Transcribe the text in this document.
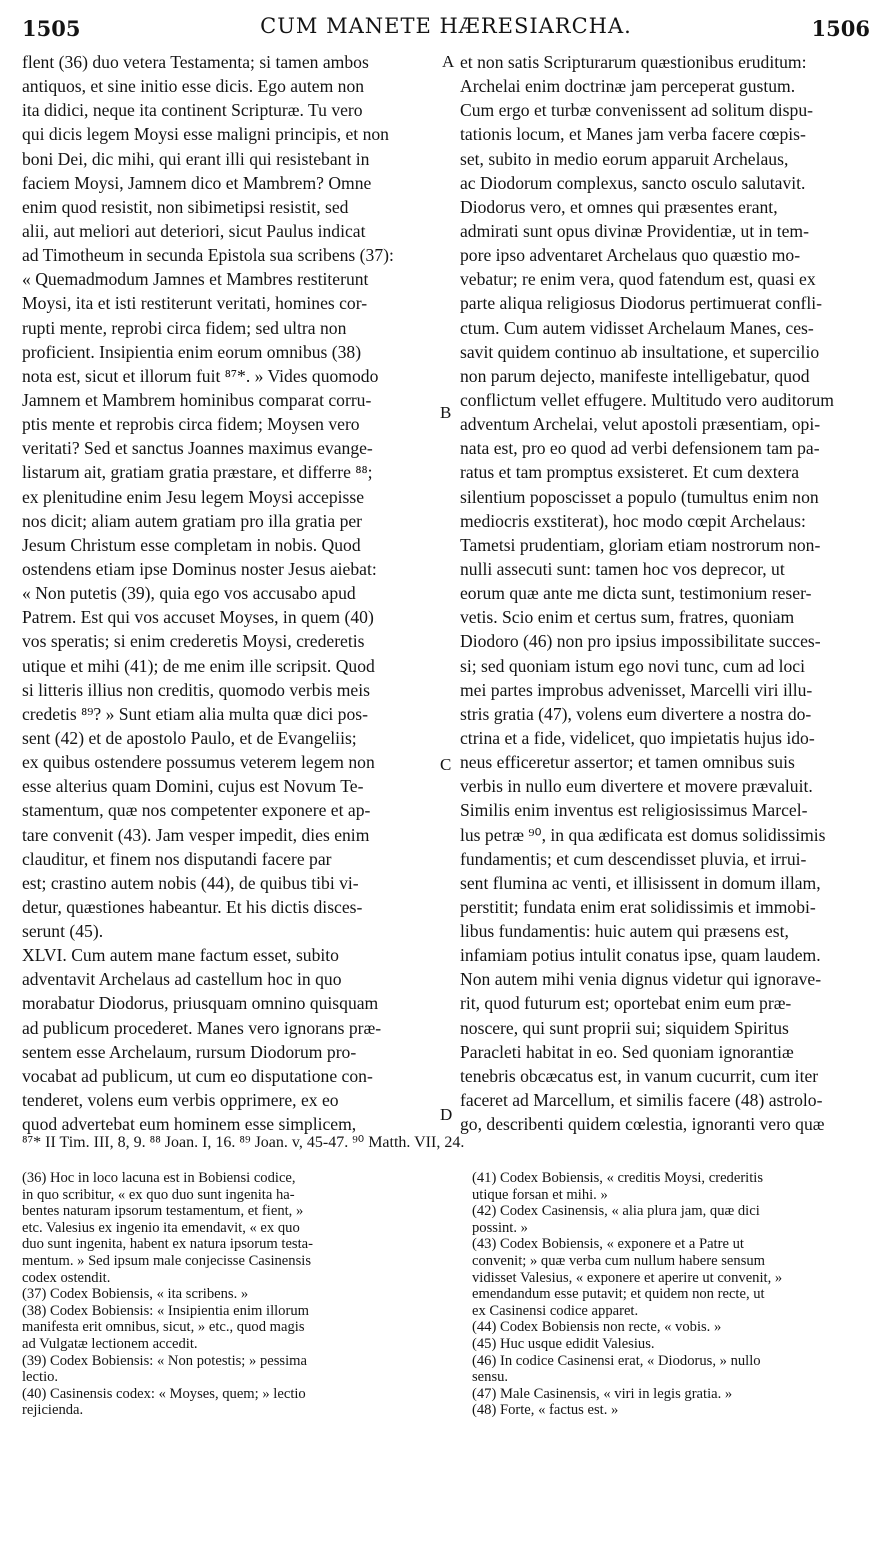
1505	CUM MANETE HÆRESIARCHA.	1506
flent (36) duo vetera Testamenta; si tamen ambos
antiquos, et sine initio esse dicis. Ego autem non
ita didici, neque ita continent Scripturæ. Tu vero
qui dicis legem Moysi esse maligni principis, et non
boni Dei, dic mihi, qui erant illi qui resistebant in
faciem Moysi, Jamnem dico et Mambrem? Omne
enim quod resistit, non sibimetipsi resistit, sed
alii, aut meliori aut deteriori, sicut Paulus indicat
ad Timotheum in secunda Epistola sua scribens (37):
« Quemadmodum Jamnes et Mambres restiterunt
Moysi, ita et isti restiterunt veritati, homines cor-
rupti mente, reprobi circa fidem; sed ultra non
proficient. Insipientia enim eorum omnibus (38)
nota est, sicut et illorum fuit ⁸⁷*. » Vides quomodo
Jamnem et Mambrem hominibus comparat corru-
ptis mente et reprobis circa fidem; Moysen vero
veritati? Sed et sanctus Joannes maximus evange-
listarum ait, gratiam gratia præstare, et differre ⁸⁸;
ex plenitudine enim Jesu legem Moysi accepisse
nos dicit; aliam autem gratiam pro illa gratia per
Jesum Christum esse completam in nobis. Quod
ostendens etiam ipse Dominus noster Jesus aiebat:
« Non putetis (39), quia ego vos accusabo apud
Patrem. Est qui vos accuset Moyses, in quem (40)
vos speratis; si enim crederetis Moysi, crederetis
utique et mihi (41); de me enim ille scripsit. Quod
si litteris illius non creditis, quomodo verbis meis
credetis ⁸⁹? » Sunt etiam alia multa quæ dici pos-
sent (42) et de apostolo Paulo, et de Evangeliis;
ex quibus ostendere possumus veterem legem non
esse alterius quam Domini, cujus est Novum Te-
stamentum, quæ nos competenter exponere et ap-
tare convenit (43). Jam vesper impedit, dies enim
clauditur, et finem nos disputandi facere par
est; crastino autem nobis (44), de quibus tibi vi-
detur, quæstiones habeantur. Et his dictis disces-
serunt (45).
XLVI. Cum autem mane factum esset, subito
adventavit Archelaus ad castellum hoc in quo
morabatur Diodorus, priusquam omnino quisquam
ad publicum procederet. Manes vero ignorans præ-
sentem esse Archelaum, rursum Diodorum pro-
vocabat ad publicum, ut cum eo disputatione con-
tenderet, volens eum verbis opprimere, ex eo
quod advertebat eum hominem esse simplicem,
et non satis Scripturarum quæstionibus eruditum:
Archelai enim doctrinæ jam perceperat gustum.
Cum ergo et turbæ convenissent ad solitum dispu-
tationis locum, et Manes jam verba facere cœpis-
set, subito in medio eorum apparuit Archelaus,
ac Diodorum complexus, sancto osculo salutavit.
Diodorus vero, et omnes qui præsentes erant,
admirati sunt opus divinæ Providentiæ, ut in tem-
pore ipso adventaret Archelaus quo quæstio mo-
vebatur; re enim vera, quod fatendum est, quasi ex
parte aliqua religiosus Diodorus pertimuerat confli-
ctum. Cum autem vidisset Archelaum Manes, ces-
savit quidem continuo ab insultatione, et supercilio
non parum dejecto, manifeste intelligebatur, quod
conflictum vellet effugere. Multitudo vero auditorum
adventum Archelai, velut apostoli præsentiam, opi-
nata est, pro eo quod ad verbi defensionem tam pa-
ratus et tam promptus exsisteret. Et cum dextera
silentium poposcisset a populo (tumultus enim non
mediocris exstiterat), hoc modo cœpit Archelaus:
Tametsi prudentiam, gloriam etiam nostrorum non-
nulli assecuti sunt: tamen hoc vos deprecor, ut
eorum quæ ante me dicta sunt, testimonium reser-
vetis. Scio enim et certus sum, fratres, quoniam
Diodoro (46) non pro ipsius impossibilitate succes-
si; sed quoniam istum ego novi tunc, cum ad loci
mei partes improbus advenisset, Marcelli viri illu-
stris gratia (47), volens eum divertere a nostra do-
ctrina et a fide, videlicet, quo impietatis hujus ido-
neus efficeretur assertor; et tamen omnibus suis
verbis in nullo eum divertere et movere prævaluit.
Similis enim inventus est religiosissimus Marcel-
lus petræ ⁹⁰, in qua ædificata est domus solidissimis
fundamentis; et cum descendisset pluvia, et irrui-
sent flumina ac venti, et illisissent in domum illam,
perstitit; fundata enim erat solidissimis et immobi-
libus fundamentis: huic autem qui præsens est,
infamiam potius intulit conatus ipse, quam laudem.
Non autem mihi venia dignus videtur qui ignorave-
rit, quod futurum est; oportebat enim eum præ-
noscere, qui sunt proprii sui; siquidem Spiritus
Paracleti habitat in eo. Sed quoniam ignorantiæ
tenebris obcæcatus est, in vanum cucurrit, cum iter
faceret ad Marcellum, et similis facere (48) astrolo-
go, describenti quidem cœlestia, ignoranti vero quæ
A
B
C
D
⁸⁷* II Tim. III, 8, 9. ⁸⁸ Joan. I, 16. ⁸⁹ Joan. v, 45-47. ⁹⁰ Matth. VII, 24.
(36) Hoc in loco lacuna est in Bobiensi codice,
in quo scribitur, « ex quo duo sunt ingenita ha-
bentes naturam ipsorum testamentum, et fient, »
etc. Valesius ex ingenio ita emendavit, « ex quo
duo sunt ingenita, habent ex natura ipsorum testa-
mentum. » Sed ipsum male conjecisse Casinensis
codex ostendit.
(37) Codex Bobiensis, « ita scribens. »
(38) Codex Bobiensis: « Insipientia enim illorum
manifesta erit omnibus, sicut, » etc., quod magis
ad Vulgatæ lectionem accedit.
(39) Codex Bobiensis: « Non potestis; » pessima
lectio.
(40) Casinensis codex: « Moyses, quem; » lectio
rejicienda.
(41) Codex Bobiensis, « creditis Moysi, crederitis
utique forsan et mihi. »
(42) Codex Casinensis, « alia plura jam, quæ dici
possint. »
(43) Codex Bobiensis, « exponere et a Patre ut
convenit; » quæ verba cum nullum habere sensum
vidisset Valesius, « exponere et aperire ut convenit, »
emendandum esse putavit; et quidem non recte, ut
ex Casinensi codice apparet.
(44) Codex Bobiensis non recte, « vobis. »
(45) Huc usque edidit Valesius.
(46) In codice Casinensi erat, « Diodorus, » nullo
sensu.
(47) Male Casinensis, « viri in legis gratia. »
(48) Forte, « factus est. »
